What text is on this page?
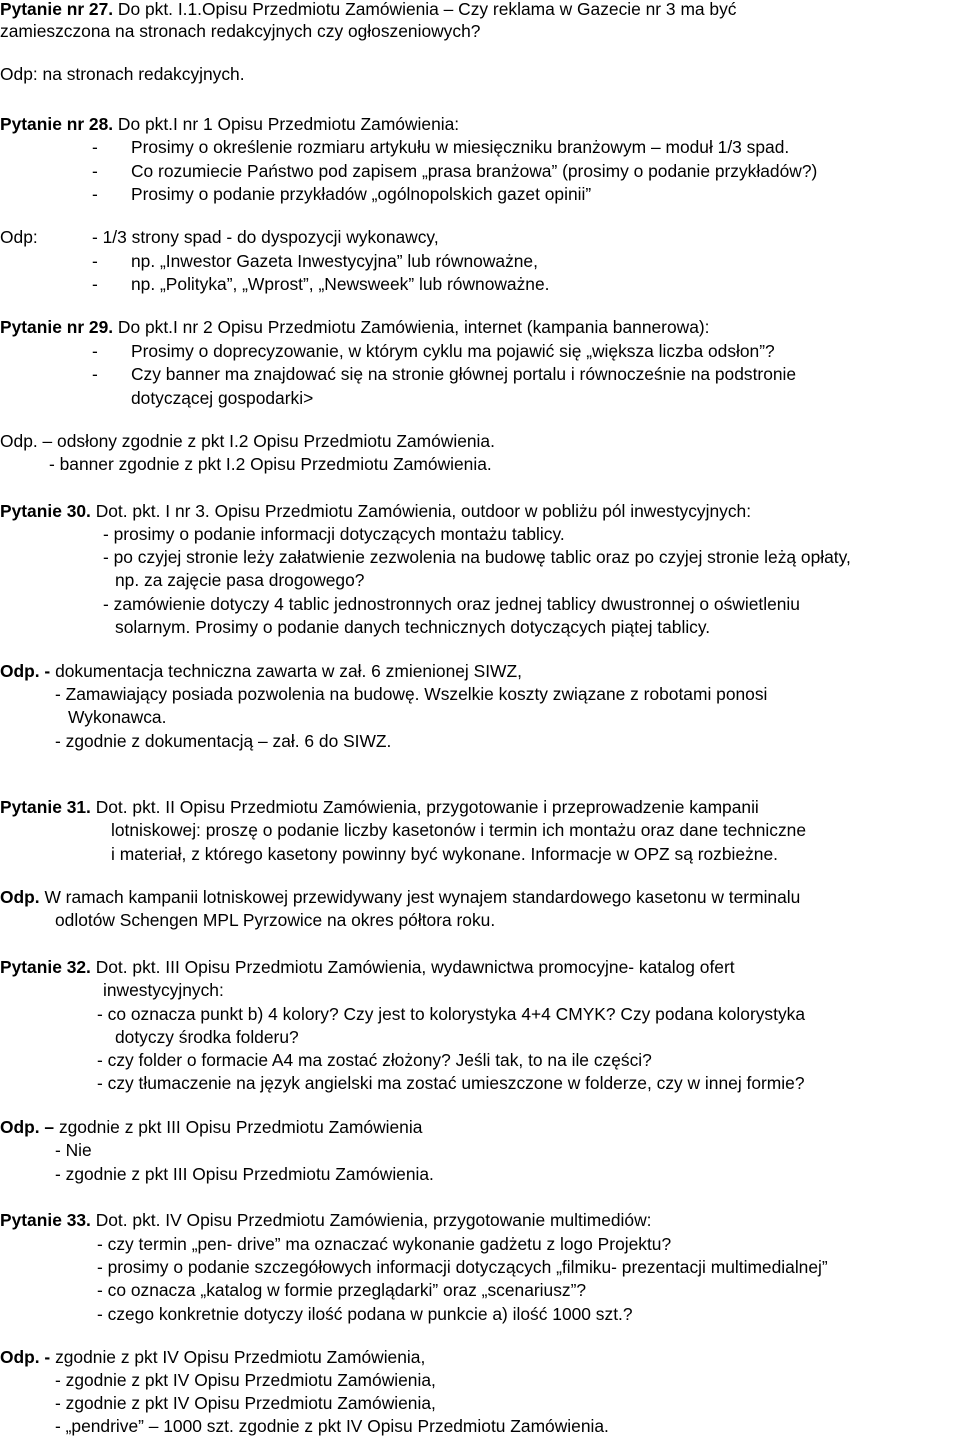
Pytanie nr 27. Do pkt. I.1.Opisu Przedmiotu Zamówienia – Czy reklama w Gazecie nr 3 ma być
zamieszczona na stronach redakcyjnych czy ogłoszeniowych?
Odp: na stronach redakcyjnych.
Pytanie nr 28. Do pkt.I nr 1 Opisu Przedmiotu Zamówienia:
- Prosimy o określenie rozmiaru artykułu w miesięczniku branżowym – moduł 1/3 spad.
- Co rozumiecie Państwo pod zapisem „prasa branżowa” (prosimy o podanie przykładów?)
- Prosimy o podanie przykładów „ogólnopolskich gazet opinii”
Odp:	- 1/3 strony spad - do dyspozycji wykonawcy,
- np. „Inwestor Gazeta Inwestycyjna” lub równoważne,
- np. „Polityka”, „Wprost”, „Newsweek” lub równoważne.
Pytanie nr 29. Do pkt.I nr 2 Opisu Przedmiotu Zamówienia, internet (kampania bannerowa):
- Prosimy o doprecyzowanie, w którym cyklu ma pojawić się „większa liczba odsłon”?
- Czy banner ma znajdować się na stronie głównej portalu i równocześnie na podstronie
dotyczącej gospodarki>
Odp. – odsłony zgodnie z pkt I.2 Opisu Przedmiotu Zamówienia.
- banner zgodnie z pkt I.2 Opisu Przedmiotu Zamówienia.
Pytanie 30. Dot. pkt. I nr 3. Opisu Przedmiotu Zamówienia, outdoor w pobliżu pól inwestycyjnych:
- prosimy o podanie informacji dotyczących montażu tablicy.
- po czyjej stronie leży załatwienie zezwolenia na budowę tablic oraz po czyjej stronie leżą opłaty,
np. za zajęcie pasa drogowego?
- zamówienie dotyczy 4 tablic jednostronnych oraz jednej tablicy dwustronnej o oświetleniu
solarnym. Prosimy o podanie danych technicznych dotyczących piątej tablicy.
Odp. - dokumentacja techniczna zawarta w zał. 6 zmienionej SIWZ,
- Zamawiający posiada pozwolenia na budowę. Wszelkie koszty związane z robotami ponosi
Wykonawca.
- zgodnie z dokumentacją – zał. 6 do SIWZ.
Pytanie 31. Dot. pkt. II Opisu Przedmiotu Zamówienia, przygotowanie i przeprowadzenie kampanii
lotniskowej: proszę o podanie liczby kasetonów i termin ich montażu oraz dane techniczne
i materiał, z którego kasetony powinny być wykonane. Informacje w OPZ są rozbieżne.
Odp. W ramach kampanii lotniskowej przewidywany jest wynajem standardowego kasetonu w terminalu
odlotów Schengen MPL Pyrzowice na okres półtora roku.
Pytanie 32. Dot. pkt. III Opisu Przedmiotu Zamówienia, wydawnictwa promocyjne- katalog ofert
inwestycyjnych:
- co oznacza punkt b) 4 kolory? Czy jest to kolorystyka 4+4 CMYK? Czy podana kolorystyka
dotyczy środka folderu?
- czy folder o formacie A4 ma zostać złożony? Jeśli tak, to na ile części?
- czy tłumaczenie na język angielski ma zostać umieszczone w folderze, czy w innej formie?
Odp. – zgodnie z pkt III Opisu Przedmiotu Zamówienia
- Nie
- zgodnie z pkt III Opisu Przedmiotu Zamówienia.
Pytanie 33. Dot. pkt. IV Opisu Przedmiotu Zamówienia, przygotowanie multimediów:
- czy termin „pen- drive” ma oznaczać wykonanie gadżetu z logo Projektu?
- prosimy o podanie szczegółowych informacji dotyczących „filmiku- prezentacji multimedialnej”
- co oznacza „katalog w formie przeglądarki” oraz „scenariusz”?
- czego konkretnie dotyczy ilość podana w punkcie a) ilość 1000 szt.?
Odp. - zgodnie z pkt IV Opisu Przedmiotu Zamówienia,
- zgodnie z pkt IV Opisu Przedmiotu Zamówienia,
- zgodnie z pkt IV Opisu Przedmiotu Zamówienia,
- „pendrive” – 1000 szt. zgodnie z pkt IV Opisu Przedmiotu Zamówienia.
